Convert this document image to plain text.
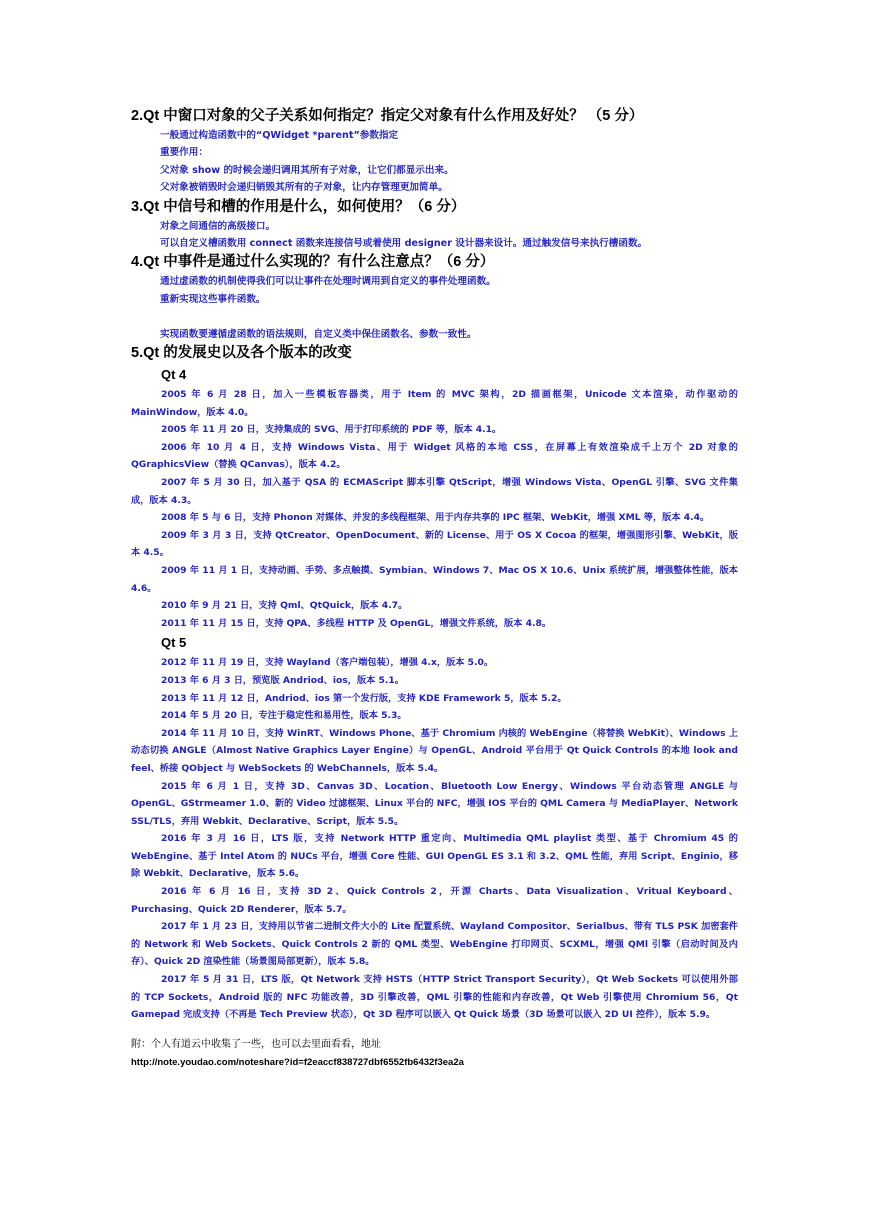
2.Qt 中窗口对象的父子关系如何指定？指定父对象有什么作用及好处？ （5 分）

一般通过构造函数中的“QWidget *parent”参数指定

重要作用：

父对象 show 的时候会递归调用其所有子对象，让它们都显示出来。

父对象被销毁时会递归销毁其所有的子对象，让内存管理更加简单。

3.Qt 中信号和槽的作用是什么，如何使用？（6 分）

对象之间通信的高级接口。

可以自定义槽函数用 connect 函数来连接信号或着使用 designer 设计器来设计。通过触发信号来执行槽函数。

4.Qt 中事件是通过什么实现的？有什么注意点？（6 分）

通过虚函数的机制使得我们可以让事件在处理时调用到自定义的事件处理函数。

重新实现这些事件函数。

实现函数要遵循虚函数的语法规则，自定义类中保住函数名、参数一致性。

5.Qt 的发展史以及各个版本的改变

Qt 4

2005 年 6 月 28 日，加入一些模板容器类，用于 Item 的 MVC 架构，2D 描画框架，Unicode 文本渲染，动作驱动的 MainWindow，版本 4.0。

2005 年 11 月 20 日，支持集成的 SVG、用于打印系统的 PDF 等，版本 4.1。

2006 年 10 月 4 日，支持 Windows Vista、用于 Widget 风格的本地 CSS，在屏幕上有效渲染成千上万个 2D 对象的 QGraphicsView（替换 QCanvas），版本 4.2。

2007 年 5 月 30 日，加入基于 QSA 的 ECMAScript 脚本引擎 QtScript，增强 Windows Vista、OpenGL 引擎、SVG 文件集成，版本 4.3。

2008 年 5 与 6 日，支持 Phonon 对媒体、并发的多线程框架、用于内存共享的 IPC 框架、WebKit，增强 XML 等，版本 4.4。

2009 年 3 月 3 日，支持 QtCreator、OpenDocument、新的 License、用于 OS X Cocoa 的框架，增强图形引擎、WebKit，版本 4.5。

2009 年 11 月 1 日，支持动画、手势、多点触摸、Symbian、Windows 7、Mac OS X 10.6、Unix 系统扩展，增强整体性能，版本 4.6。

2010 年 9 月 21 日，支持 Qml、QtQuick，版本 4.7。

2011 年 11 月 15 日，支持 QPA、多线程 HTTP 及 OpenGL，增强文件系统，版本 4.8。

Qt 5

2012 年 11 月 19 日，支持 Wayland（客户端包装），增强 4.x，版本 5.0。

2013 年 6 月 3 日，预览版 Andriod、ios，版本 5.1。

2013 年 11 月 12 日，Andriod、ios 第一个发行版，支持 KDE Framework 5，版本 5.2。

2014 年 5 月 20 日，专注于稳定性和易用性，版本 5.3。

2014 年 11 月 10 日，支持 WinRT、Windows Phone、基于 Chromium 内核的 WebEngine（将替换 WebKit）、Windows 上动态切换 ANGLE（Almost Native Graphics Layer Engine）与 OpenGL、Android 平台用于 Qt Quick Controls 的本地 look and feel、桥接 QObject 与 WebSockets 的 WebChannels，版本 5.4。

2015 年 6 月 1 日，支持 3D、Canvas 3D、Location、Bluetooth Low Energy、Windows 平台动态管理 ANGLE 与 OpenGL、GStrmeamer 1.0、新的 Video 过滤框架、Linux 平台的 NFC，增强 IOS 平台的 QML Camera 与 MediaPlayer、Network SSL/TLS，弃用 Webkit、Declarative、Script，版本 5.5。

2016 年 3 月 16 日，LTS 版，支持 Network HTTP 重定向、Multimedia QML playlist 类型、基于 Chromium 45 的 WebEngine、基于 Intel Atom 的 NUCs 平台，增强 Core 性能、GUI OpenGL ES 3.1 和 3.2、QML 性能，弃用 Script、Enginio，移除 Webkit、Declarative，版本 5.6。

2016 年 6 月 16 日，支持 3D 2、Quick Controls 2，开源 Charts、Data Visualization、Vritual Keyboard、Purchasing、Quick 2D Renderer，版本 5.7。

2017 年 1 月 23 日，支持用以节省二进制文件大小的 Lite 配置系统、Wayland Compositor、Serialbus、带有 TLS PSK 加密套件的 Network 和 Web Sockets、Quick Controls 2 新的 QML 类型、WebEngine 打印网页、SCXML，增强 QMl 引擎（启动时间及内存）、Quick 2D 渲染性能（场景图局部更新），版本 5.8。

2017 年 5 月 31 日，LTS 版，Qt Network 支持 HSTS（HTTP Strict Transport Security），Qt Web Sockets 可以使用外部的 TCP Sockets，Android 版的 NFC 功能改善，3D 引擎改善，QML 引擎的性能和内存改善，Qt Web 引擎使用 Chromium 56，Qt Gamepad 完成支持（不再是 Tech Preview 状态），Qt 3D 程序可以嵌入 Qt Quick 场景（3D 场景可以嵌入 2D UI 控件），版本 5.9。

附：个人有道云中收集了一些，也可以去里面看看，地址

http://note.youdao.com/noteshare?id=f2eaccf838727dbf6552fb6432f3ea2a
